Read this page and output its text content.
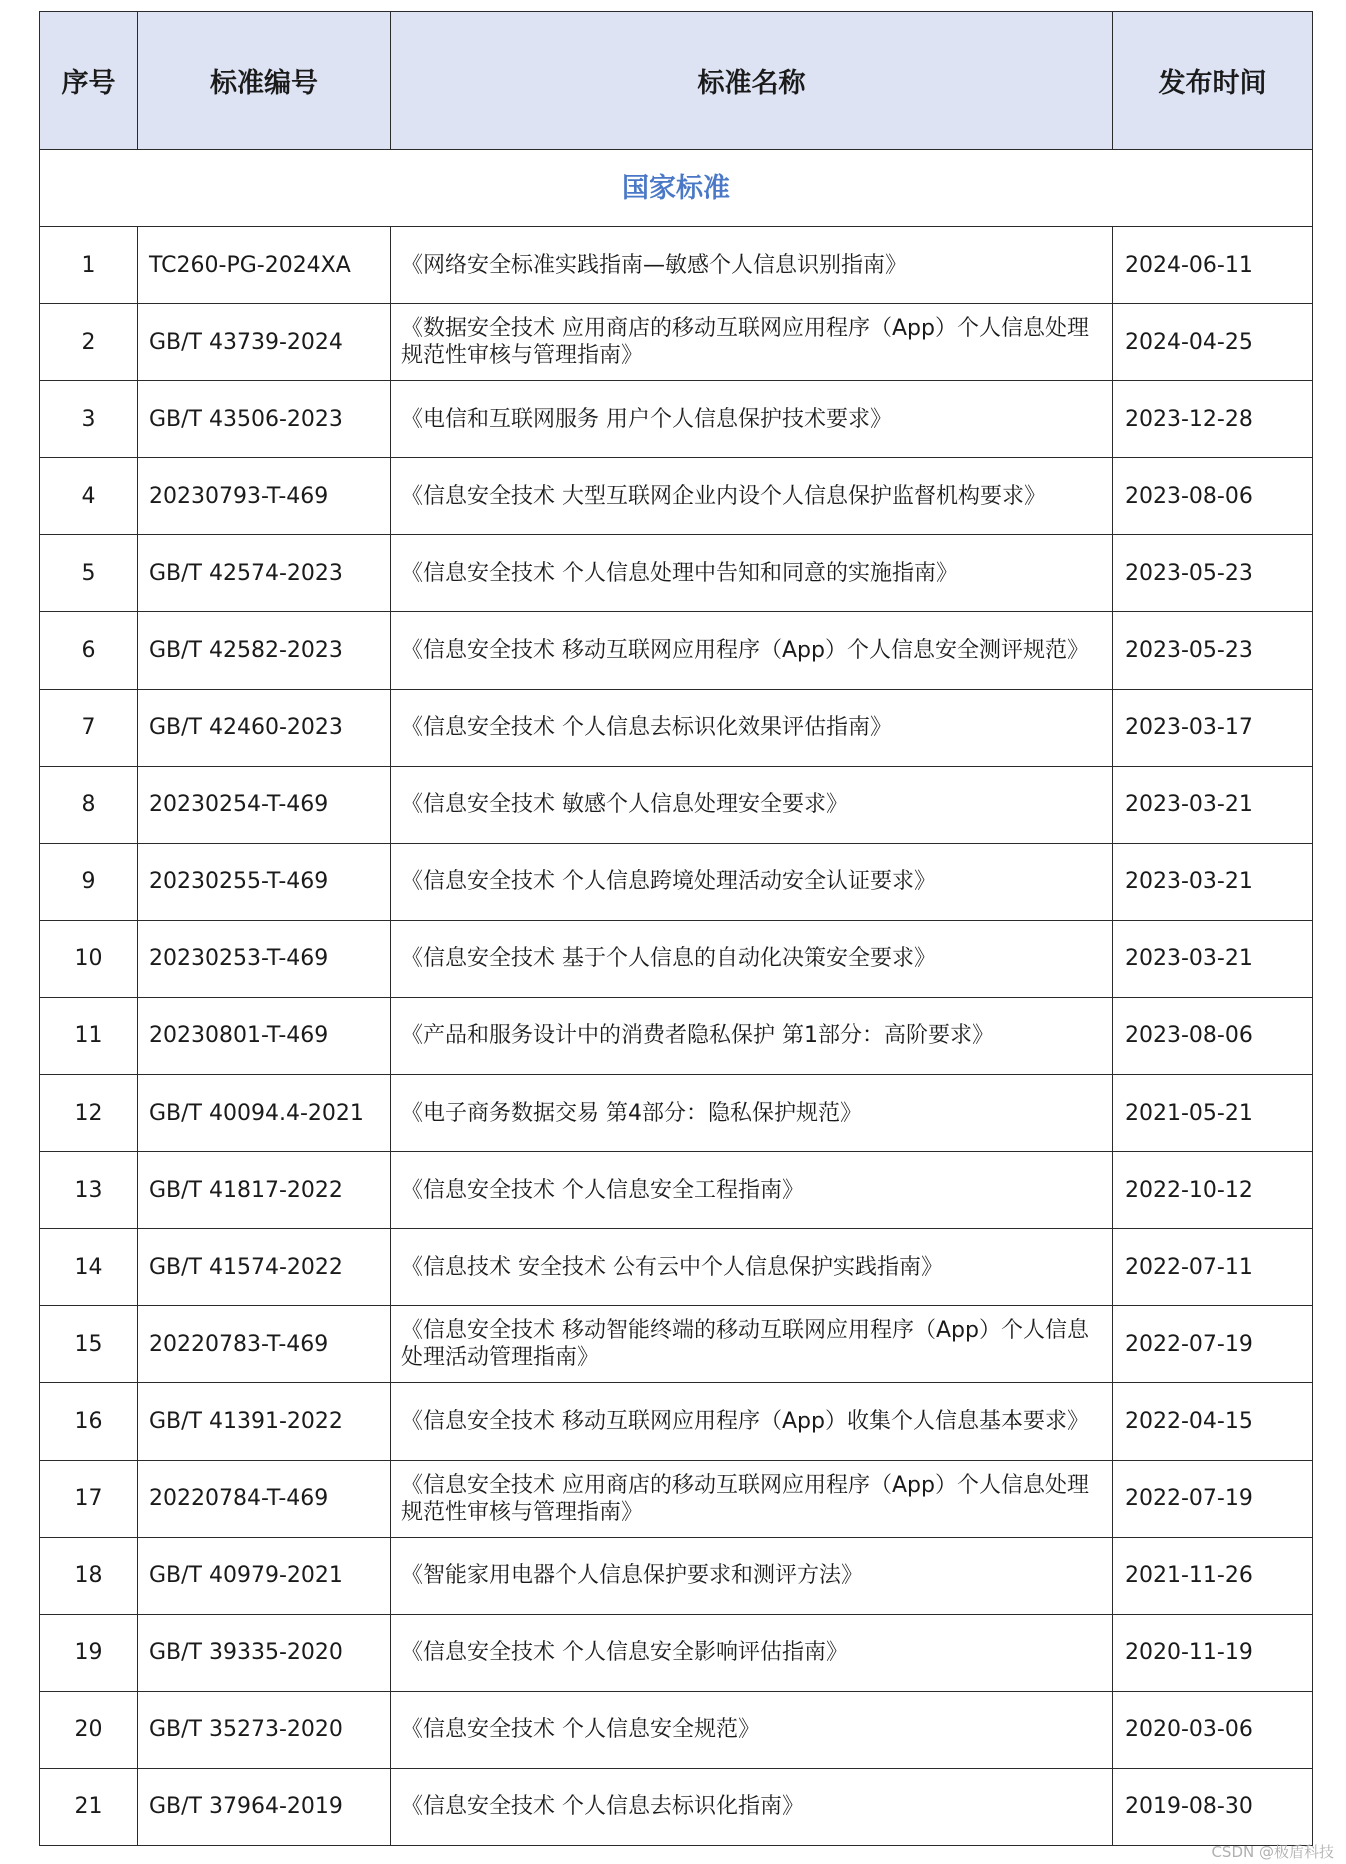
序号	标准编号	标准名称	发布时间
国家标准			
1	TC260-PG-2024XA	《网络安全标准实践指南—敏感个人信息识别指南》	2024-06-11
2	GB/T 43739-2024	《数据安全技术 应用商店的移动互联网应用程序（App）个人信息处理规范性审核与管理指南》	2024-04-25
3	GB/T 43506-2023	《电信和互联网服务 用户个人信息保护技术要求》	2023-12-28
4	20230793-T-469	《信息安全技术 大型互联网企业内设个人信息保护监督机构要求》	2023-08-06
5	GB/T 42574-2023	《信息安全技术 个人信息处理中告知和同意的实施指南》	2023-05-23
6	GB/T 42582-2023	《信息安全技术 移动互联网应用程序（App）个人信息安全测评规范》	2023-05-23
7	GB/T 42460-2023	《信息安全技术 个人信息去标识化效果评估指南》	2023-03-17
8	20230254-T-469	《信息安全技术 敏感个人信息处理安全要求》	2023-03-21
9	20230255-T-469	《信息安全技术 个人信息跨境处理活动安全认证要求》	2023-03-21
10	20230253-T-469	《信息安全技术 基于个人信息的自动化决策安全要求》	2023-03-21
11	20230801-T-469	《产品和服务设计中的消费者隐私保护 第1部分：高阶要求》	2023-08-06
12	GB/T 40094.4-2021	《电子商务数据交易 第4部分：隐私保护规范》	2021-05-21
13	GB/T 41817-2022	《信息安全技术 个人信息安全工程指南》	2022-10-12
14	GB/T 41574-2022	《信息技术 安全技术 公有云中个人信息保护实践指南》	2022-07-11
15	20220783-T-469	《信息安全技术 移动智能终端的移动互联网应用程序（App）个人信息处理活动管理指南》	2022-07-19
16	GB/T 41391-2022	《信息安全技术 移动互联网应用程序（App）收集个人信息基本要求》	2022-04-15
17	20220784-T-469	《信息安全技术 应用商店的移动互联网应用程序（App）个人信息处理规范性审核与管理指南》	2022-07-19
18	GB/T 40979-2021	《智能家用电器个人信息保护要求和测评方法》	2021-11-26
19	GB/T 39335-2020	《信息安全技术 个人信息安全影响评估指南》	2020-11-19
20	GB/T 35273-2020	《信息安全技术 个人信息安全规范》	2020-03-06
21	GB/T 37964-2019	《信息安全技术 个人信息去标识化指南》	2019-08-30
CSDN @极盾科技
